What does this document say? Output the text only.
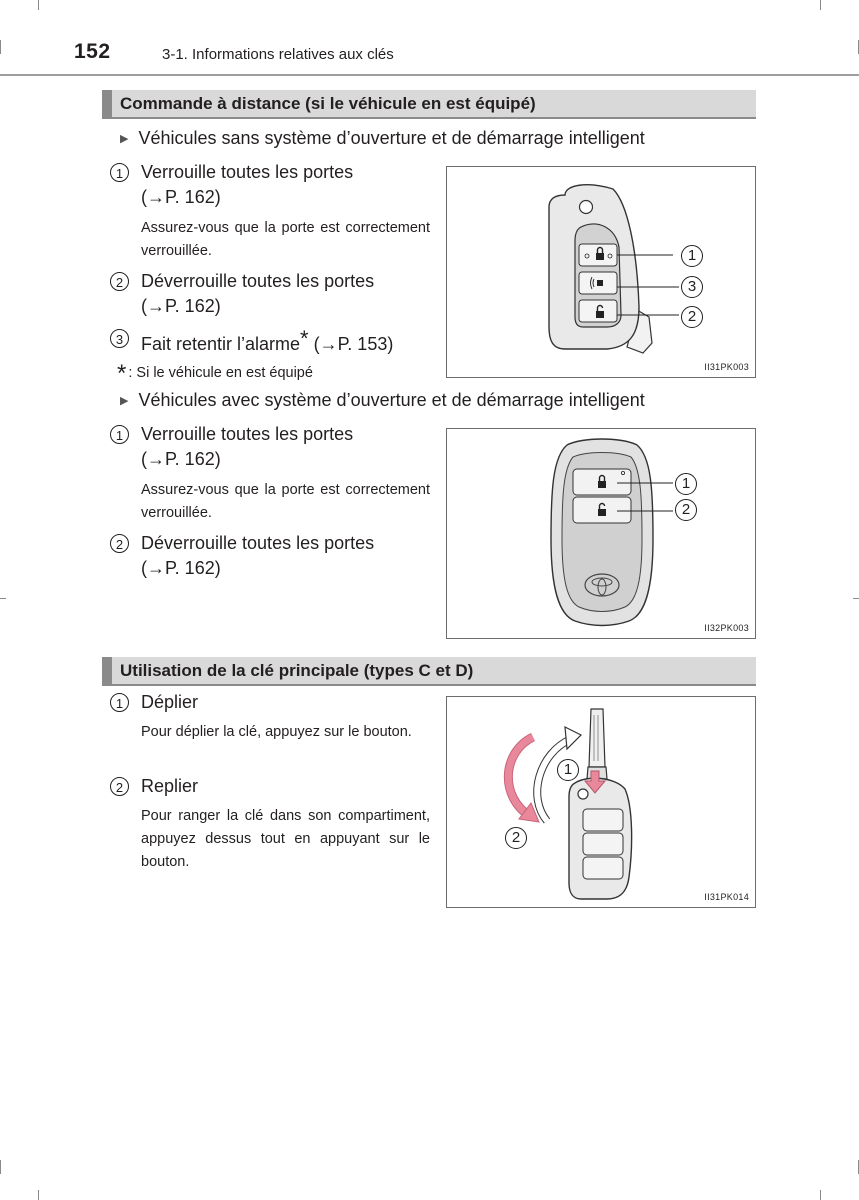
152	3-1. Informations relatives aux clés
Commande à distance (si le véhicule en est équipé)
▶ Véhicules sans système d’ouverture et de démarrage intelligent
1 Verrouille toutes les portes
(→P. 162)
Assurez-vous que la porte est correctement verrouillée.
2 Déverrouille toutes les portes
(→P. 162)
3 Fait retentir l’alarme* (→P. 153)
* : Si le véhicule en est équipé
1
3
2
II31PK003
▶ Véhicules avec système d’ouverture et de démarrage intelligent
1 Verrouille toutes les portes
(→P. 162)
Assurez-vous que la porte est correctement verrouillée.
2 Déverrouille toutes les portes
(→P. 162)
1
2
II32PK003
Utilisation de la clé principale (types C et D)
1 Déplier
Pour déplier la clé, appuyez sur le bouton.
2 Replier
Pour ranger la clé dans son compartiment, appuyez dessus tout en appuyant sur le bouton.
1
2
II31PK014
